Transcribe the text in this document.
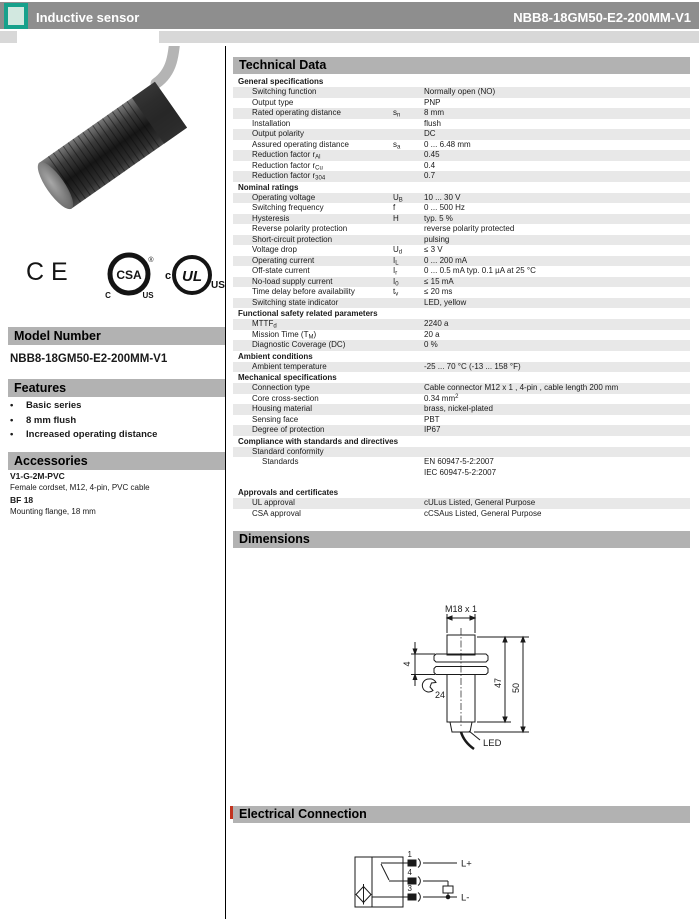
Inductive sensor	NBB8-18GM50-E2-200MM-V1
CE	CSA
®
C	US
UL
c
US
Model Number
NBB8-18GM50-E2-200MM-V1
Features
• Basic series
• 8 mm flush
• Increased operating distance
Accessories
V1-G-2M-PVC
Female cordset, M12, 4-pin, PVC cable
BF 18
Mounting flange, 18 mm
Technical Data
General specifications
Switching function	Normally open (NO)
Output type	PNP
Rated operating distance	$s_n$	8 mm
Installation	flush
Output polarity	DC
Assured operating distance	$s_a$	0 ... 6.48 mm
Reduction factor $r_{Al}$	0.45
Reduction factor $r_{Cu}$	0.4
Reduction factor $r_{304}$	0.7
Nominal ratings
Operating voltage	$U_B$	10 ... 30 V
Switching frequency	f	0 ... 500 Hz
Hysteresis	H	typ. 5 %
Reverse polarity protection	reverse polarity protected
Short-circuit protection	pulsing
Voltage drop	$U_d$	≤ 3 V
Operating current	$I_L$	0 ... 200 mA
Off-state current	$I_r$	0 ... 0.5 mA typ. 0.1 µA at 25 °C
No-load supply current	$I_0$	≤ 15 mA
Time delay before availability	$t_v$	≤ 20 ms
Switching state indicator	LED, yellow
Functional safety related parameters
$MTTF_d$	2240 a
Mission Time $(T_M)$	20 a
Diagnostic Coverage (DC)	0 %
Ambient conditions
Ambient temperature	-25 ... 70 °C (-13 ... 158 °F)
Mechanical specifications
Connection type	Cable connector M12 x 1 , 4-pin , cable length 200 mm
Core cross-section	0.34 $mm^2$
Housing material	brass, nickel-plated
Sensing face	PBT
Degree of protection	IP67
Compliance with standards and directives
Standard conformity
Standards	EN 60947-5-2:2007
IEC 60947-5-2:2007
Approvals and certificates
UL approval	cULus Listed, General Purpose
CSA approval	cCSAus Listed, General Purpose
Dimensions
M18 x 1
4
24
47 50
LED
Electrical Connection
1
4
3
L+
L-
